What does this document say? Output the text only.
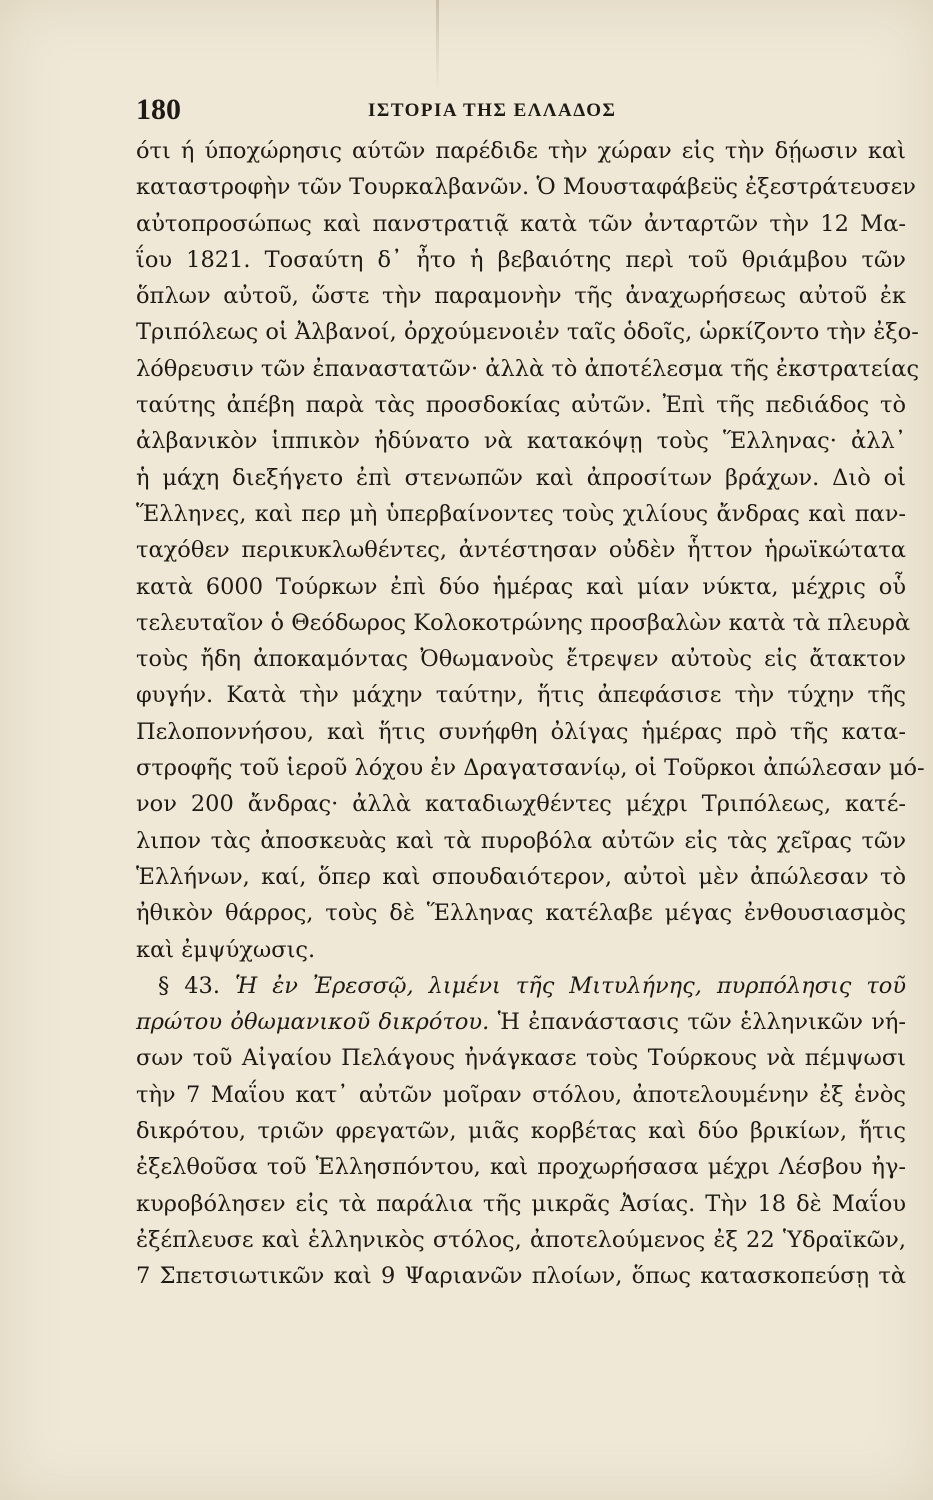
180	ΙΣΤΟΡΙΑ ΤΗΣ ΕΛΛΑΔΟΣ
ότι ή ύποχώρησις αύτῶν παρέδιδε τὴν χώραν εἰς τὴν δῄωσιν καὶ
καταστροφὴν τῶν Τουρκαλβανῶν. Ὁ Μουσταφάβεϋς ἐξεστράτευσεν
αὐτοπροσώπως καὶ πανστρατιᾷ κατὰ τῶν ἀνταρτῶν τὴν 12 Μα-
ΐου 1821. Τοσαύτη δ᾿ ἦτο ἡ βεβαιότης περὶ τοῦ θριάμβου τῶν
ὅπλων αὐτοῦ, ὥστε τὴν παραμονὴν τῆς ἀναχωρήσεως αὐτοῦ ἐκ
Τριπόλεως οἱ Ἀλβανοί, ὀρχούμενοιἐν ταῖς ὁδοῖς, ὡρκίζοντο τὴν ἐξο-
λόθρευσιν τῶν ἐπαναστατῶν· ἀλλὰ τὸ ἀποτέλεσμα τῆς ἐκστρατείας
ταύτης ἀπέβη παρὰ τὰς προσδοκίας αὐτῶν. Ἐπὶ τῆς πεδιάδος τὸ
ἀλβανικὸν ἱππικὸν ἠδύνατο νὰ κατακόψῃ τοὺς Ἕλληνας· ἀλλ᾿
ἡ μάχη διεξήγετο ἐπὶ στενωπῶν καὶ ἀπροσίτων βράχων. Διὸ οἱ
Ἕλληνες, καὶ περ μὴ ὑπερβαίνοντες τοὺς χιλίους ἄνδρας καὶ παν-
ταχόθεν περικυκλωθέντες, ἀντέστησαν οὐδὲν ἧττον ἡρωϊκώτατα
κατὰ 6000 Τούρκων ἐπὶ δύο ἡμέρας καὶ μίαν νύκτα, μέχρις οὗ
τελευταῖον ὁ Θεόδωρος Κολοκοτρώνης προσβαλὼν κατὰ τὰ πλευρὰ
τοὺς ἤδη ἀποκαμόντας Ὀθωμανοὺς ἔτρεψεν αὐτοὺς εἰς ἄτακτον
φυγήν. Κατὰ τὴν μάχην ταύτην, ἥτις ἀπεφάσισε τὴν τύχην τῆς
Πελοποννήσου, καὶ ἥτις συνήφθη ὀλίγας ἡμέρας πρὸ τῆς κατα-
στροφῆς τοῦ ἱεροῦ λόχου ἐν Δραγατσανίῳ, οἱ Τοῦρκοι ἀπώλεσαν μό-
νον 200 ἄνδρας· ἀλλὰ καταδιωχθέντες μέχρι Τριπόλεως, κατέ-
λιπον τὰς ἀποσκευὰς καὶ τὰ πυροβόλα αὐτῶν εἰς τὰς χεῖρας τῶν
Ἑλλήνων, καί, ὅπερ καὶ σπουδαιότερον, αὐτοὶ μὲν ἀπώλεσαν τὸ
ἠθικὸν θάρρος, τοὺς δὲ Ἕλληνας κατέλαβε μέγας ἐνθουσιασμὸς
καὶ ἐμψύχωσις.
§ 43. Ἡ ἐν Ἐρεσσῷ, λιμένι τῆς Μιτυλήνης, πυρπόλησις τοῦ
πρώτου ὀθωμανικοῦ δικρότου. Ἡ ἐπανάστασις τῶν ἑλληνικῶν νή-
σων τοῦ Αἰγαίου Πελάγους ἠνάγκασε τοὺς Τούρκους νὰ πέμψωσι
τὴν 7 Μαΐου κατ᾿ αὐτῶν μοῖραν στόλου, ἀποτελουμένην ἐξ ἑνὸς
δικρότου, τριῶν φρεγατῶν, μιᾶς κορβέτας καὶ δύο βρικίων, ἥτις
ἐξελθοῦσα τοῦ Ἑλλησπόντου, καὶ προχωρήσασα μέχρι Λέσβου ἠγ-
κυροβόλησεν εἰς τὰ παράλια τῆς μικρᾶς Ἀσίας. Τὴν 18 δὲ Μαΐου
ἐξέπλευσε καὶ ἑλληνικὸς στόλος, ἀποτελούμενος ἐξ 22 Ὑδραϊκῶν,
7 Σπετσιωτικῶν καὶ 9 Ψαριανῶν πλοίων, ὅπως κατασκοπεύσῃ τὰ
